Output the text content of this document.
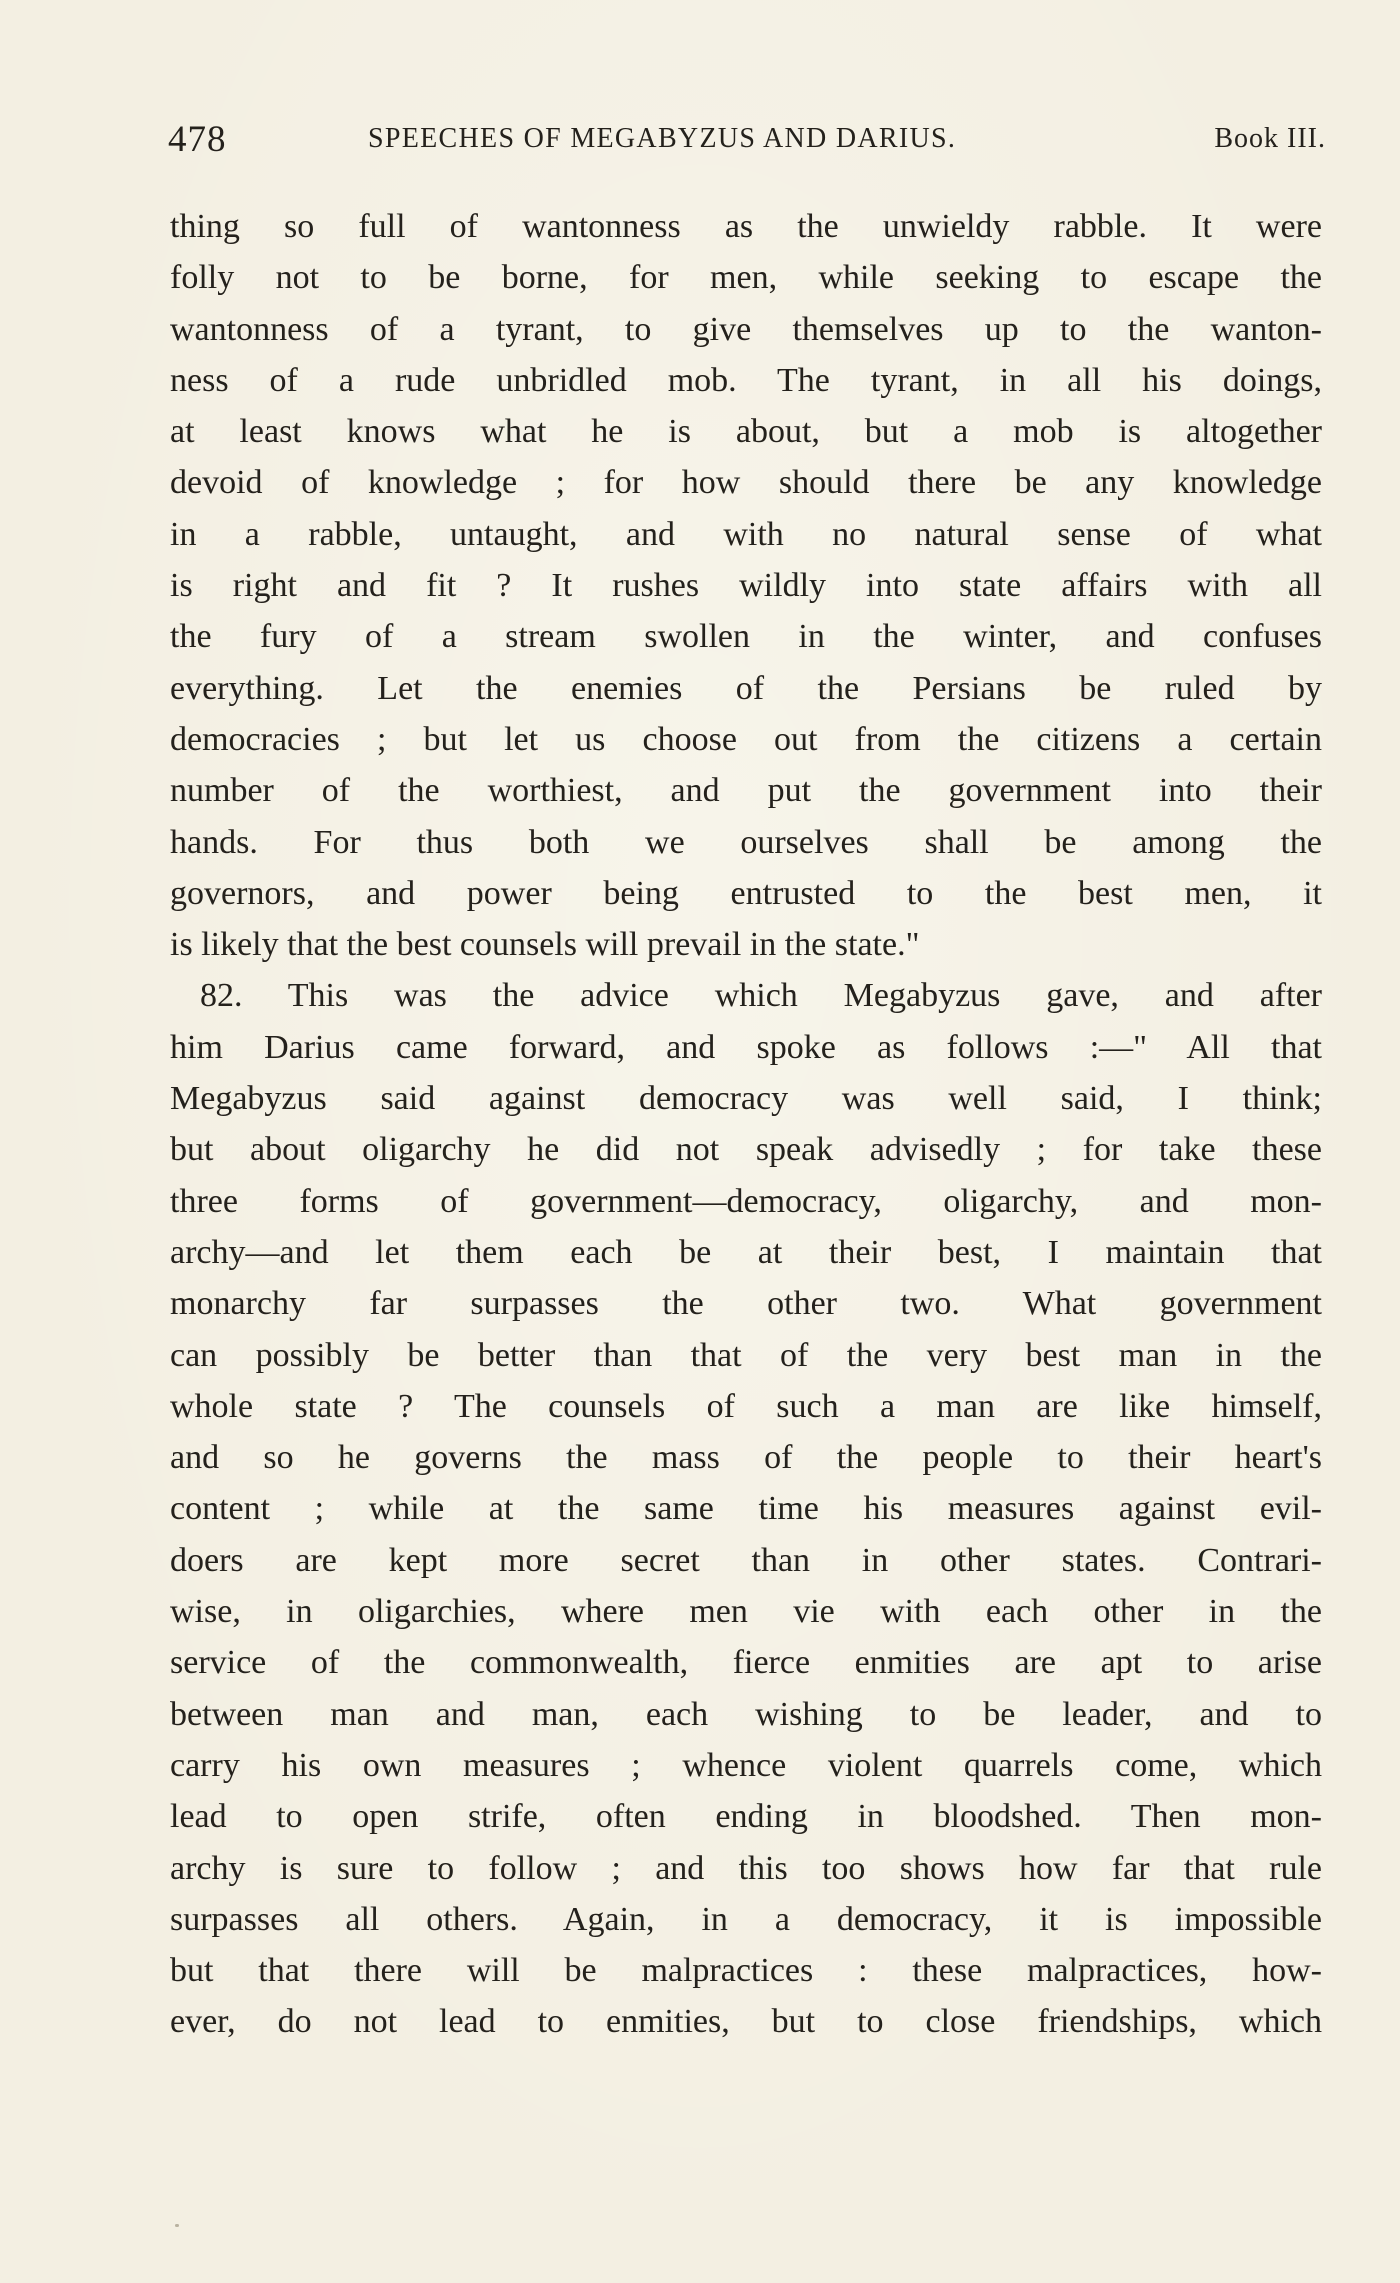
478	SPEECHES OF MEGABYZUS AND DARIUS.	Book III.
thing so full of wantonness as the unwieldy rabble. It were
folly not to be borne, for men, while seeking to escape the
wantonness of a tyrant, to give themselves up to the wanton-
ness of a rude unbridled mob. The tyrant, in all his doings,
at least knows what he is about, but a mob is altogether
devoid of knowledge ; for how should there be any knowledge
in a rabble, untaught, and with no natural sense of what
is right and fit ? It rushes wildly into state affairs with all
the fury of a stream swollen in the winter, and confuses
everything. Let the enemies of the Persians be ruled by
democracies ; but let us choose out from the citizens a certain
number of the worthiest, and put the government into their
hands. For thus both we ourselves shall be among the
governors, and power being entrusted to the best men, it
is likely that the best counsels will prevail in the state."
82. This was the advice which Megabyzus gave, and after
him Darius came forward, and spoke as follows :—" All that
Megabyzus said against democracy was well said, I think;
but about oligarchy he did not speak advisedly ; for take these
three forms of government—democracy, oligarchy, and mon-
archy—and let them each be at their best, I maintain that
monarchy far surpasses the other two. What government
can possibly be better than that of the very best man in the
whole state ? The counsels of such a man are like himself,
and so he governs the mass of the people to their heart's
content ; while at the same time his measures against evil-
doers are kept more secret than in other states. Contrari-
wise, in oligarchies, where men vie with each other in the
service of the commonwealth, fierce enmities are apt to arise
between man and man, each wishing to be leader, and to
carry his own measures ; whence violent quarrels come, which
lead to open strife, often ending in bloodshed. Then mon-
archy is sure to follow ; and this too shows how far that rule
surpasses all others. Again, in a democracy, it is impossible
but that there will be malpractices : these malpractices, how-
ever, do not lead to enmities, but to close friendships, which
